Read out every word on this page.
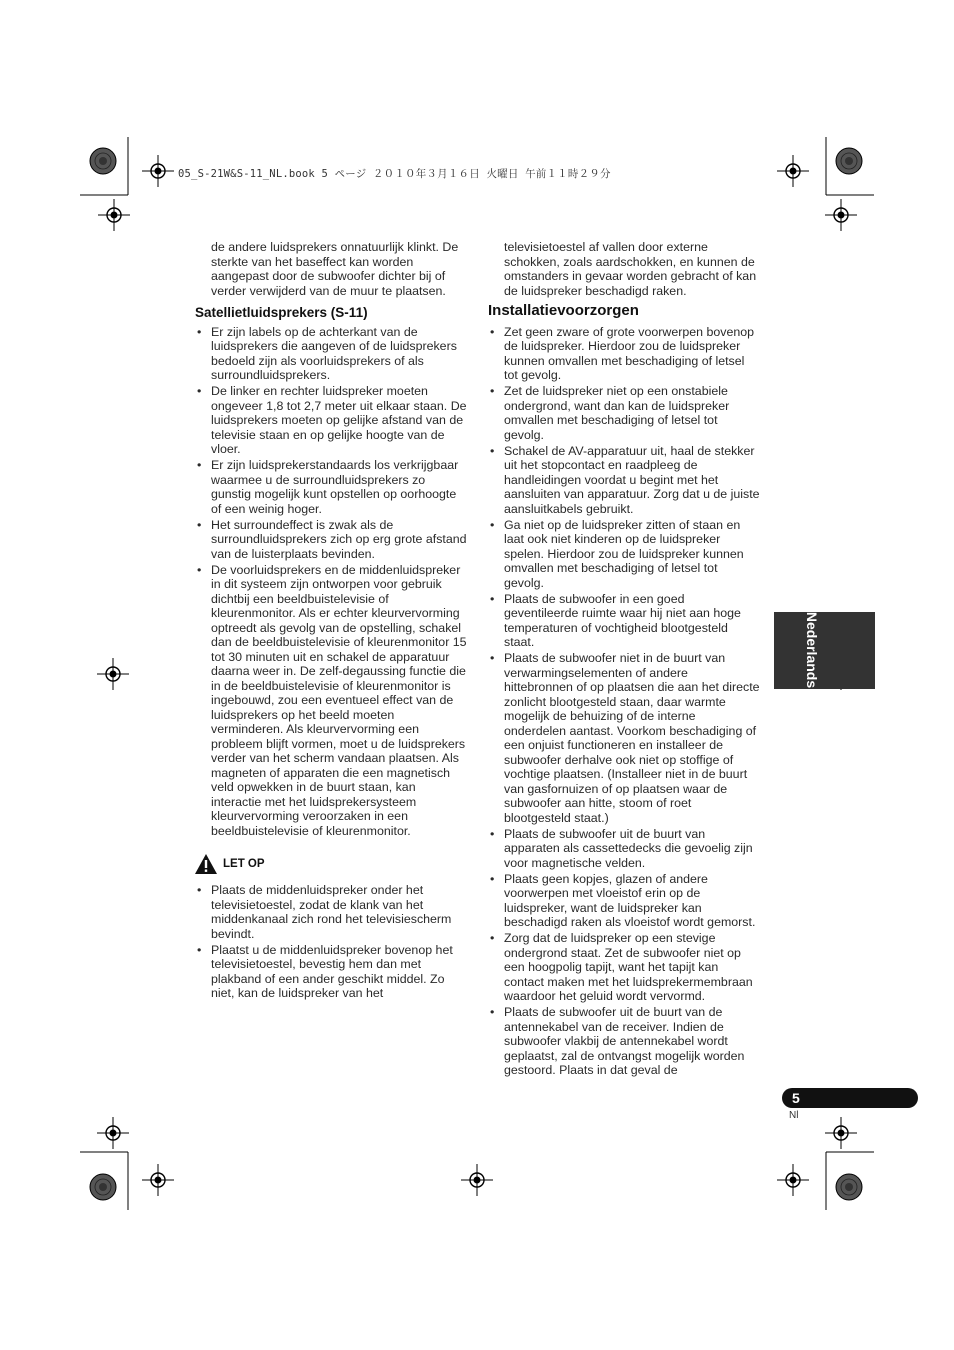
05_S-21W&S-11_NL.book 5 ページ ２０１０年３月１６日 火曜日 午前１１時２９分

de andere luidsprekers onnatuurlijk klinkt. De sterkte van het baseffect kan worden aangepast door de subwoofer dichter bij of verder verwijderd van de muur te plaatsen.

Satellietluidsprekers (S-11)
• Er zijn labels op de achterkant van de luidsprekers die aangeven of de luidsprekers bedoeld zijn als voorluidsprekers of als surroundluidsprekers.
• De linker en rechter luidspreker moeten ongeveer 1,8 tot 2,7 meter uit elkaar staan. De luidsprekers moeten op gelijke afstand van de televisie staan en op gelijke hoogte van de vloer.
• Er zijn luidsprekerstandaards los verkrijgbaar waarmee u de surroundluidsprekers zo gunstig mogelijk kunt opstellen op oorhoogte of een weinig hoger.
• Het surroundeffect is zwak als de surroundluidsprekers zich op erg grote afstand van de luisterplaats bevinden.
• De voorluidsprekers en de middenluidspreker in dit systeem zijn ontworpen voor gebruik dichtbij een beeldbuistelevisie of kleurenmonitor. Als er echter kleurvervorming optreedt als gevolg van de opstelling, schakel dan de beeldbuistelevisie of kleurenmonitor 15 tot 30 minuten uit en schakel de apparatuur daarna weer in. De zelf-degaussing functie die in de beeldbuistelevisie of kleurenmonitor is ingebouwd, zou een eventueel effect van de luidsprekers op het beeld moeten verminderen. Als kleurvervorming een probleem blijft vormen, moet u de luidsprekers verder van het scherm vandaan plaatsen. Als magneten of apparaten die een magnetisch veld opwekken in de buurt staan, kan interactie met het luidsprekersysteem kleurvervorming veroorzaken in een beeldbuistelevisie of kleurenmonitor.
LET OP
• Plaats de middenluidspreker onder het televisietoestel, zodat de klank van het middenkanaal zich rond het televisiescherm bevindt.
• Plaatst u de middenluidspreker bovenop het televisietoestel, bevestig hem dan met plakband of een ander geschikt middel. Zo niet, kan de luidspreker van het

televisietoestel af vallen door externe schokken, zoals aardschokken, en kunnen de omstanders in gevaar worden gebracht of kan de luidspreker beschadigd raken.

Installatievoorzorgen
• Zet geen zware of grote voorwerpen bovenop de luidspreker. Hierdoor zou de luidspreker kunnen omvallen met beschadiging of letsel tot gevolg.
• Zet de luidspreker niet op een onstabiele ondergrond, want dan kan de luidspreker omvallen met beschadiging of letsel tot gevolg.
• Schakel de AV-apparatuur uit, haal de stekker uit het stopcontact en raadpleeg de handleidingen voordat u begint met het aansluiten van apparatuur. Zorg dat u de juiste aansluitkabels gebruikt.
• Ga niet op de luidspreker zitten of staan en laat ook niet kinderen op de luidspreker spelen. Hierdoor zou de luidspreker kunnen omvallen met beschadiging of letsel tot gevolg.
• Plaats de subwoofer in een goed geventileerde ruimte waar hij niet aan hoge temperaturen of vochtigheid blootgesteld staat.
• Plaats de subwoofer niet in de buurt van verwarmingselementen of andere hittebronnen of op plaatsen die aan het directe zonlicht blootgesteld staan, daar warmte mogelijk de behuizing of de interne onderdelen aantast. Voorkom beschadiging of een onjuist functioneren en installeer de subwoofer derhalve ook niet op stoffige of vochtige plaatsen. (Installeer niet in de buurt van gasfornuizen of op plaatsen waar de subwoofer aan hitte, stoom of roet blootgesteld staat.)
• Plaats de subwoofer uit de buurt van apparaten als cassettedecks die gevoelig zijn voor magnetische velden.
• Plaats geen kopjes, glazen of andere voorwerpen met vloeistof erin op de luidspreker, want de luidspreker kan beschadigd raken als vloeistof wordt gemorst.
• Zorg dat de luidspreker op een stevige ondergrond staat. Zet de subwoofer niet op een hoogpolig tapijt, want het tapijt kan contact maken met het luidsprekermembraan waardoor het geluid wordt vervormd.
• Plaats de subwoofer uit de buurt van de antennekabel van de receiver. Indien de subwoofer vlakbij de antennekabel wordt geplaatst, zal de ontvangst mogelijk worden gestoord. Plaats in dat geval de
Nederlands
5
Nl
